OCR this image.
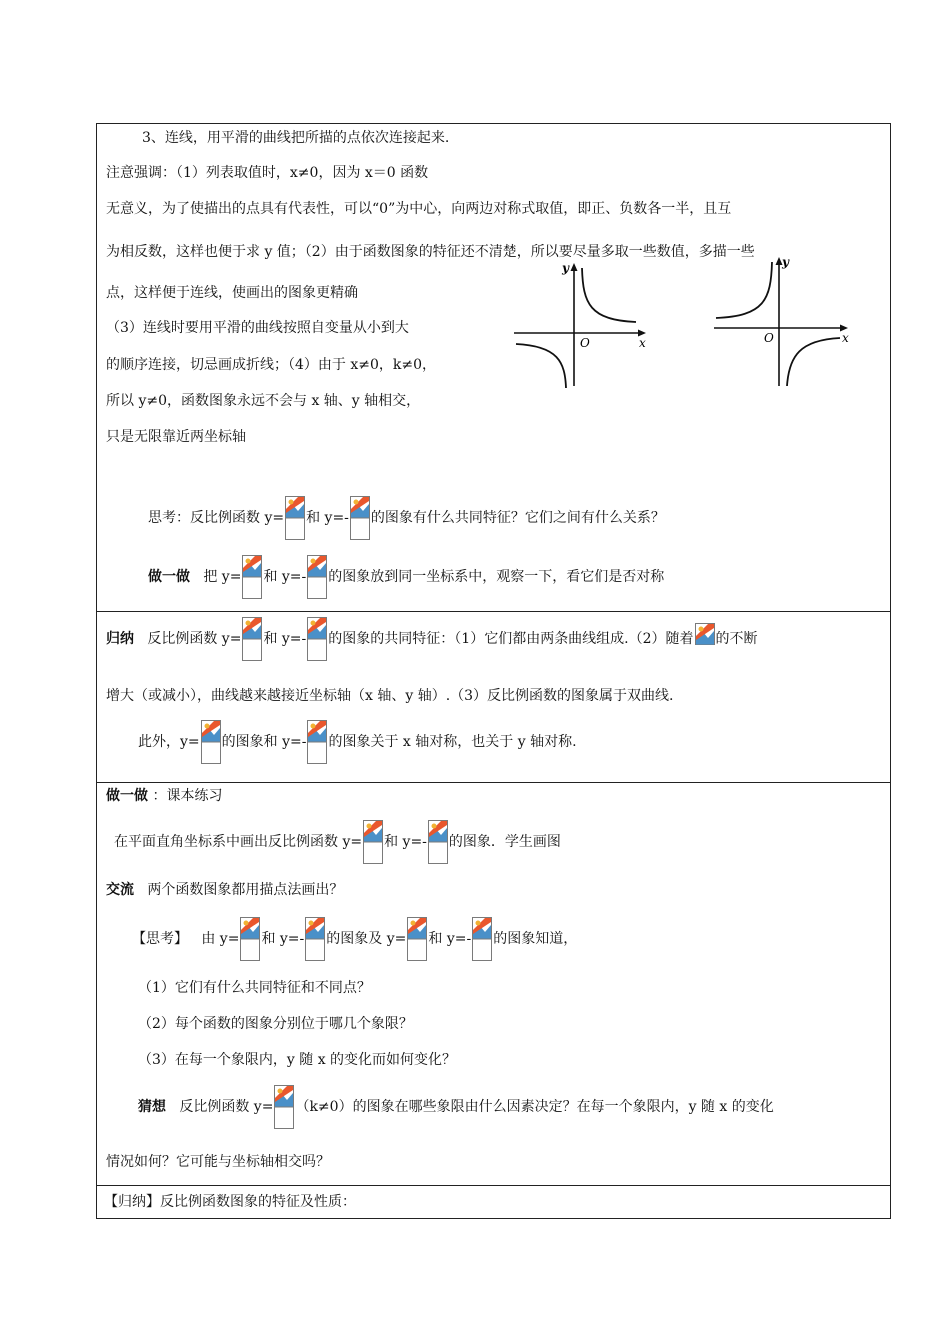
3、连线，用平滑的曲线把所描的点依次连接起来.
注意强调：（1）列表取值时，x≠0，因为 x＝0 函数
无意义，为了使描出的点具有代表性，可以“0”为中心，向两边对称式取值，即正、负数各一半，且互
为相反数，这样也便于求 y 值；（2）由于函数图象的特征还不清楚，所以要尽量多取一些数值，多描一些
点，这样便于连线，使画出的图象更精确
（3）连线时要用平滑的曲线按照自变量从小到大
的顺序连接，切忌画成折线；（4）由于 x≠0，k≠0，
所以 y≠0，函数图象永远不会与 x 轴、y 轴相交，
只是无限靠近两坐标轴
y
x
O
y
x
O
思考：反比例函数 y= 和 y=- 的图象有什么共同特征？它们之间有什么关系？
做一做 把 y= 和 y=- 的图象放到同一坐标系中，观察一下，看它们是否对称
归纳 反比例函数 y= 和 y=- 的图象的共同特征：（1）它们都由两条曲线组成.（2）随着 的不断
增大（或减小），曲线越来越接近坐标轴（x 轴、y 轴）.（3）反比例函数的图象属于双曲线.
此外，y= 的图象和 y=- 的图象关于 x 轴对称，也关于 y 轴对称.
做一做 ：课本练习
在平面直角坐标系中画出反比例函数 y= 和 y=- 的图象．学生画图
交流 两个函数图象都用描点法画出？
【思考】 由 y= 和 y=- 的图象及 y= 和 y=- 的图象知道，
（1）它们有什么共同特征和不同点？
（2）每个函数的图象分别位于哪几个象限？
（3）在每一个象限内，y 随 x 的变化而如何变化？
猜想 反比例函数 y= （k≠0）的图象在哪些象限由什么因素决定？在每一个象限内，y 随 x 的变化
情况如何？它可能与坐标轴相交吗？
【归纳】反比例函数图象的特征及性质：
